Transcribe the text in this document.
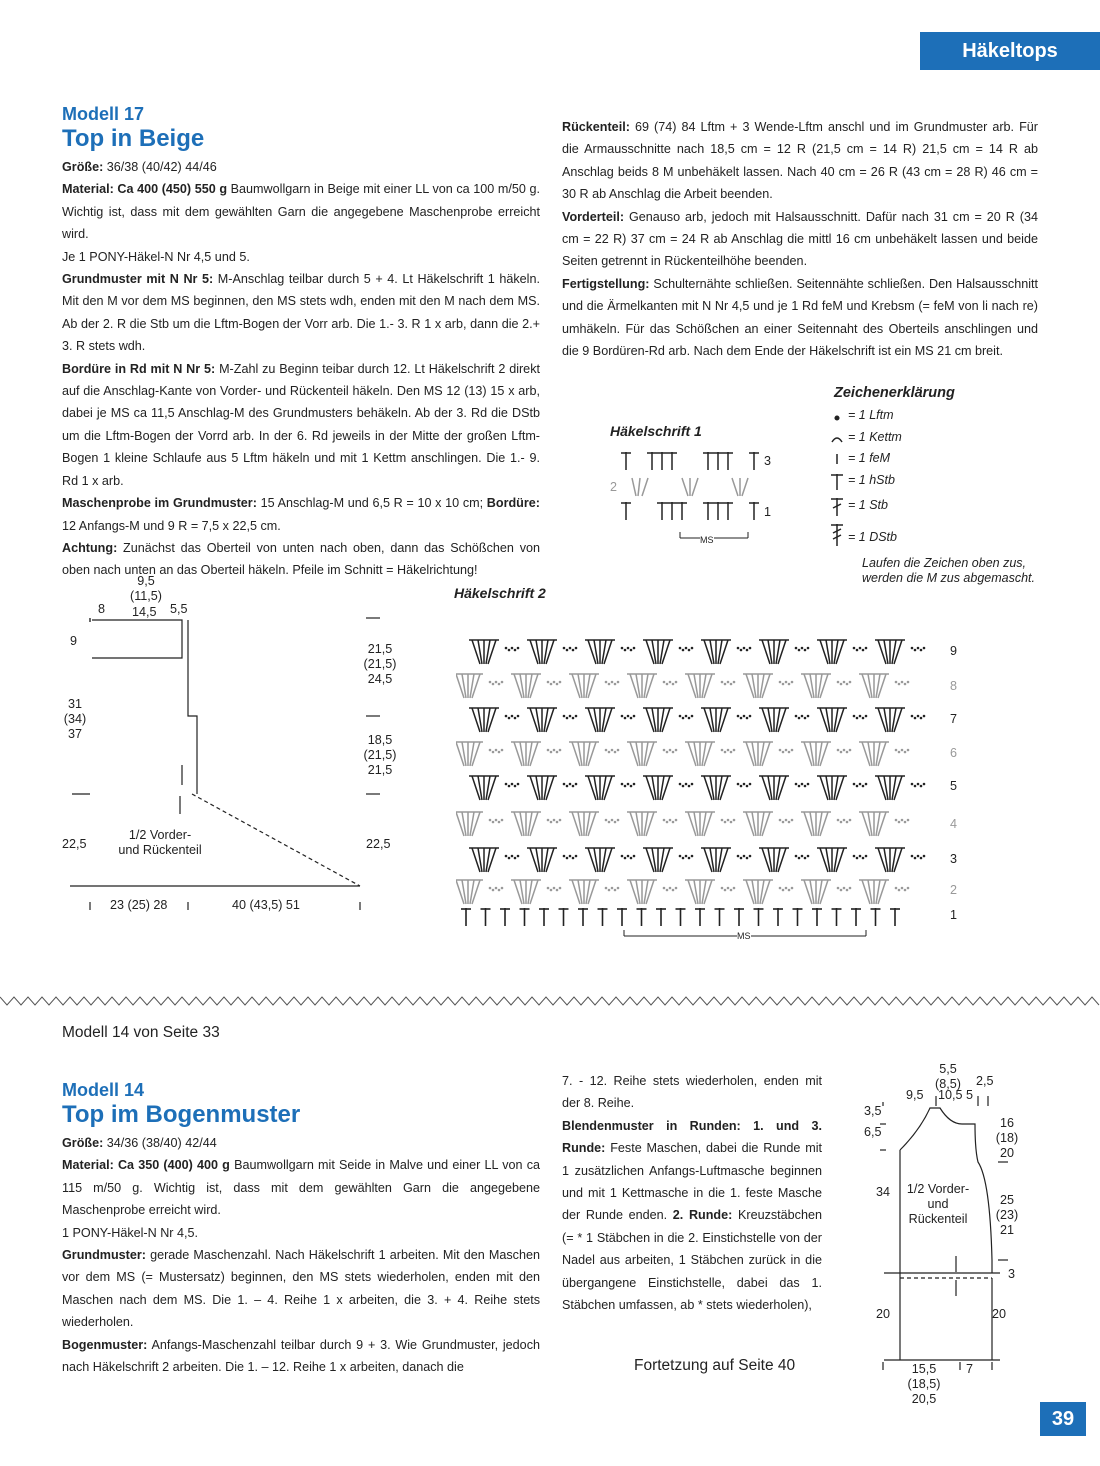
Häkeltops

Modell 17

Top in Beige

Größe: 36/38 (40/42) 44/46

Material: Ca 400 (450) 550 g Baumwollgarn in Beige mit einer LL von ca 100 m/50 g. Wichtig ist, dass mit dem gewählten Garn die angegebene Maschenprobe erreicht wird.

Je 1 PONY-Häkel-N Nr 4,5 und 5.

Grundmuster mit N Nr 5: M-Anschlag teilbar durch 5 + 4. Lt Häkelschrift 1 häkeln. Mit den M vor dem MS beginnen, den MS stets wdh, enden mit den M nach dem MS. Ab der 2. R die Stb um die Lftm-Bogen der Vorr arb. Die 1.- 3. R 1 x arb, dann die 2.+ 3. R stets wdh.

Bordüre in Rd mit N Nr 5: M-Zahl zu Beginn teibar durch 12. Lt Häkelschrift 2 direkt auf die Anschlag-Kante von Vorder- und Rückenteil häkeln. Den MS 12 (13) 15 x arb, dabei je MS ca 11,5 Anschlag-M des Grundmusters behäkeln. Ab der 3. Rd die DStb um die Lftm-Bogen der Vorrd arb. In der 6. Rd jeweils in der Mitte der großen Lftm-Bogen 1 kleine Schlaufe aus 5 Lftm häkeln und mit 1 Kettm anschlingen. Die 1.- 9. Rd 1 x arb.

Maschenprobe im Grundmuster: 15 Anschlag-M und 6,5 R = 10 x 10 cm; Bordüre: 12 Anfangs-M und 9 R = 7,5 x 22,5 cm.

Achtung: Zunächst das Oberteil von unten nach oben, dann das Schößchen von oben nach unten an das Oberteil häkeln. Pfeile im Schnitt = Häkelrichtung!

Rückenteil: 69 (74) 84 Lftm + 3 Wende-Lftm anschl und im Grundmuster arb. Für die Armausschnitte nach 18,5 cm = 12 R (21,5 cm = 14 R) 21,5 cm = 14 R ab Anschlag beids 8 M unbehäkelt lassen. Nach 40 cm = 26 R (43 cm = 28 R) 46 cm = 30 R ab Anschlag die Arbeit beenden.

Vorderteil: Genauso arb, jedoch mit Halsausschnitt. Dafür nach 31 cm = 20 R (34 cm = 22 R) 37 cm = 24 R ab Anschlag die mittl 16 cm unbehäkelt lassen und beide Seiten getrennt in Rückenteilhöhe beenden.

Fertigstellung: Schulternähte schließen. Seitennähte schließen. Den Halsausschnitt und die Ärmelkanten mit N Nr 4,5 und je 1 Rd feM und Krebsm (= feM von li nach re) umhäkeln. Für das Schößchen an einer Seitennaht des Oberteils anschlingen und die 9 Bordüren-Rd arb. Nach dem Ende der Häkelschrift ist ein MS 21 cm breit.

9,5
(11,5)
8 14,5 5,5
9
31
(34)
37
21,5
(21,5)
24,5
18,5
(21,5)
21,5
22,5	22,5
1/2 Vorder-
und Rückenteil
23 (25) 28	40 (43,5) 51
Häkelschrift 1
3
2
1
MS
Zeichenerklärung
= 1 Lftm
= 1 Kettm
= 1 feM
= 1 hStb
= 1 Stb
= 1 DStb
Laufen die Zeichen oben zus,
werden die M zus abgemascht.
Häkelschrift 2
9
8
7
6
5
4
3
2
1
MS
Modell 14 von Seite 33

Modell 14

Top im Bogenmuster

Größe: 34/36 (38/40) 42/44

Material: Ca 350 (400) 400 g Baumwollgarn mit Seide in Malve und einer LL von ca 115 m/50 g. Wichtig ist, dass mit dem gewählten Garn die angegebene Maschenprobe erreicht wird.

1 PONY-Häkel-N Nr 4,5.

Grundmuster: gerade Maschenzahl. Nach Häkelschrift 1 arbeiten. Mit den Maschen vor dem MS (= Mustersatz) beginnen, den MS stets wiederholen, enden mit den Maschen nach dem MS. Die 1. – 4. Reihe 1 x arbeiten, die 3. + 4. Reihe stets wiederholen.

Bogenmuster: Anfangs-Maschenzahl teilbar durch 9 + 3. Wie Grundmuster, jedoch nach Häkelschrift 2 arbeiten. Die 1. – 12. Reihe 1 x arbeiten, danach die

7. - 12. Reihe stets wiederholen, enden mit der 8. Reihe.

Blendenmuster in Runden: 1. und 3. Runde: Feste Maschen, dabei die Runde mit 1 zusätzlichen Anfangs-Luftmasche beginnen und mit 1 Kettmasche in die 1. feste Masche der Runde enden. 2. Runde: Kreuzstäbchen (= * 1 Stäbchen in die 2. Einstichstelle von der Nadel aus arbeiten, 1 Stäbchen zurück in die übergangene Einstichstelle, dabei das 1. Stäbchen umfassen, ab * stets wiederholen),

Fortetzung auf Seite 40
5,5
(8,5)
9,5 10,5 5
2,5
3,5
6,5
16
(18)
20
34 1/2 Vorder-
und
Rückenteil
25
(23)
21
3
20	20
15,5
(18,5)
20,5
7
39
